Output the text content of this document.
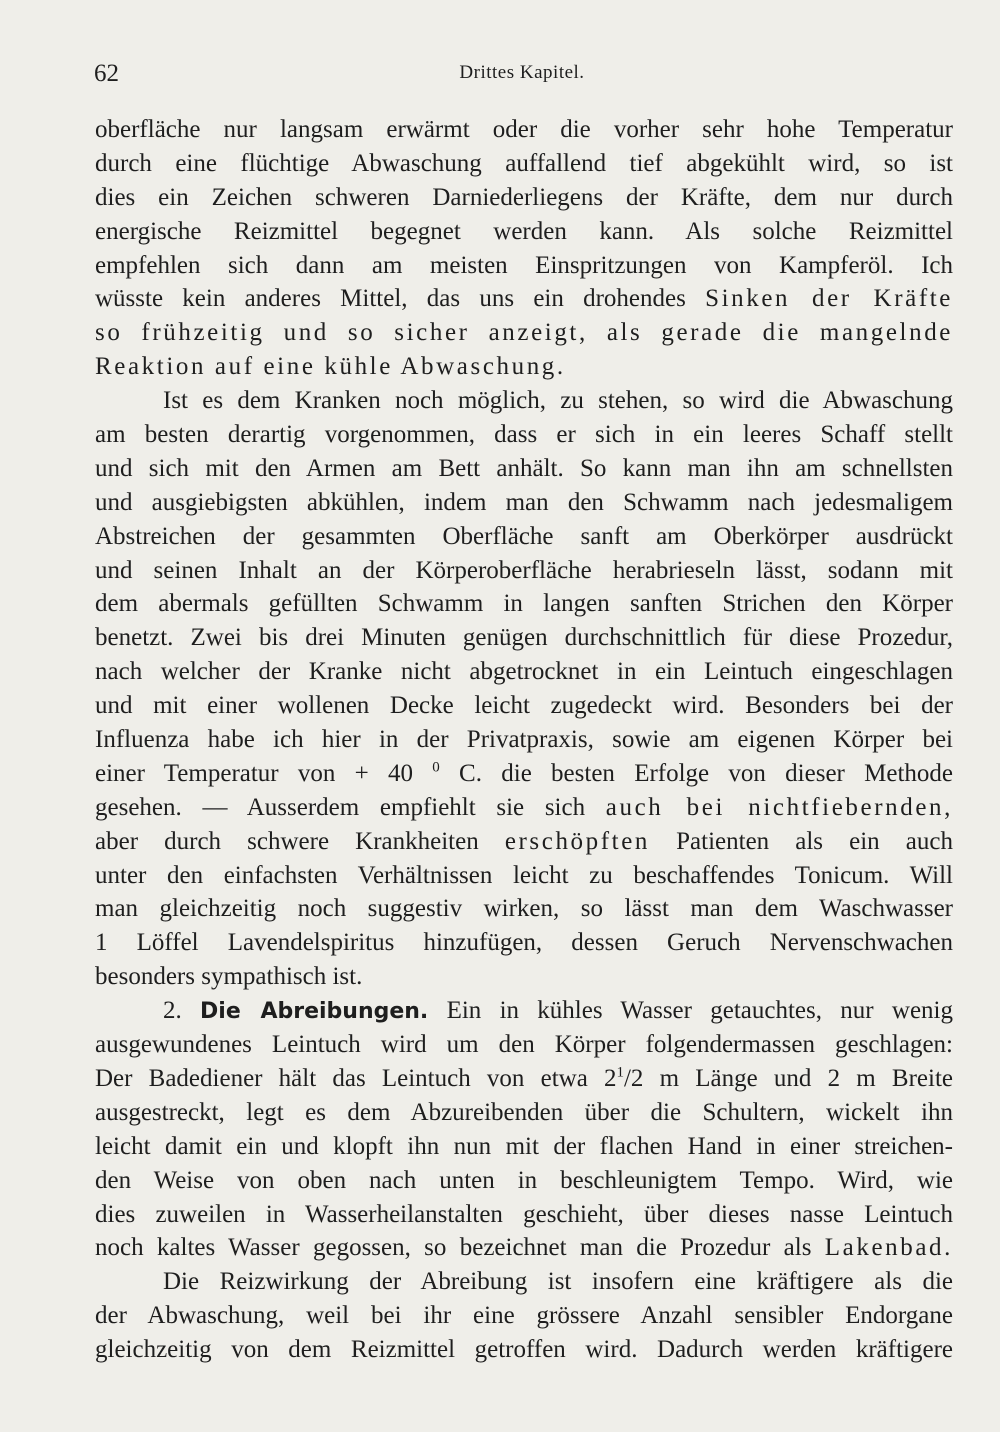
62	Drittes Kapitel.
oberfläche nur langsam erwärmt oder die vorher sehr hohe Temperatur
durch eine flüchtige Abwaschung auffallend tief abgekühlt wird, so ist
dies ein Zeichen schweren Darniederliegens der Kräfte, dem nur durch
energische Reizmittel begegnet werden kann. Als solche Reizmittel
empfehlen sich dann am meisten Einspritzungen von Kampferöl. Ich
wüsste kein anderes Mittel, das uns ein drohendes Sinken der Kräfte
so frühzeitig und so sicher anzeigt, als gerade die mangelnde
Reaktion auf eine kühle Abwaschung.
Ist es dem Kranken noch möglich, zu stehen, so wird die Abwaschung
am besten derartig vorgenommen, dass er sich in ein leeres Schaff stellt
und sich mit den Armen am Bett anhält. So kann man ihn am schnellsten
und ausgiebigsten abkühlen, indem man den Schwamm nach jedesmaligem
Abstreichen der gesammten Oberfläche sanft am Oberkörper ausdrückt
und seinen Inhalt an der Körperoberfläche herabrieseln lässt, sodann mit
dem abermals gefüllten Schwamm in langen sanften Strichen den Körper
benetzt. Zwei bis drei Minuten genügen durchschnittlich für diese Prozedur,
nach welcher der Kranke nicht abgetrocknet in ein Leintuch eingeschlagen
und mit einer wollenen Decke leicht zugedeckt wird. Besonders bei der
Influenza habe ich hier in der Privatpraxis, sowie am eigenen Körper bei
einer Temperatur von + 40 $^0$ C. die besten Erfolge von dieser Methode
gesehen. — Ausserdem empfiehlt sie sich auch bei nichtfiebernden,
aber durch schwere Krankheiten erschöpften Patienten als ein auch
unter den einfachsten Verhältnissen leicht zu beschaffendes Tonicum. Will
man gleichzeitig noch suggestiv wirken, so lässt man dem Waschwasser
1 Löffel Lavendelspiritus hinzufügen, dessen Geruch Nervenschwachen
besonders sympathisch ist.
2. Die Abreibungen. Ein in kühles Wasser getauchtes, nur wenig
ausgewundenes Leintuch wird um den Körper folgendermassen geschlagen:
Der Badediener hält das Leintuch von etwa $2^1/2$ m Länge und 2 m Breite
ausgestreckt, legt es dem Abzureibenden über die Schultern, wickelt ihn
leicht damit ein und klopft ihn nun mit der flachen Hand in einer streichen-
den Weise von oben nach unten in beschleunigtem Tempo. Wird, wie
dies zuweilen in Wasserheilanstalten geschieht, über dieses nasse Leintuch
noch kaltes Wasser gegossen, so bezeichnet man die Prozedur als Lakenbad.
Die Reizwirkung der Abreibung ist insofern eine kräftigere als die
der Abwaschung, weil bei ihr eine grössere Anzahl sensibler Endorgane
gleichzeitig von dem Reizmittel getroffen wird. Dadurch werden kräftigere
